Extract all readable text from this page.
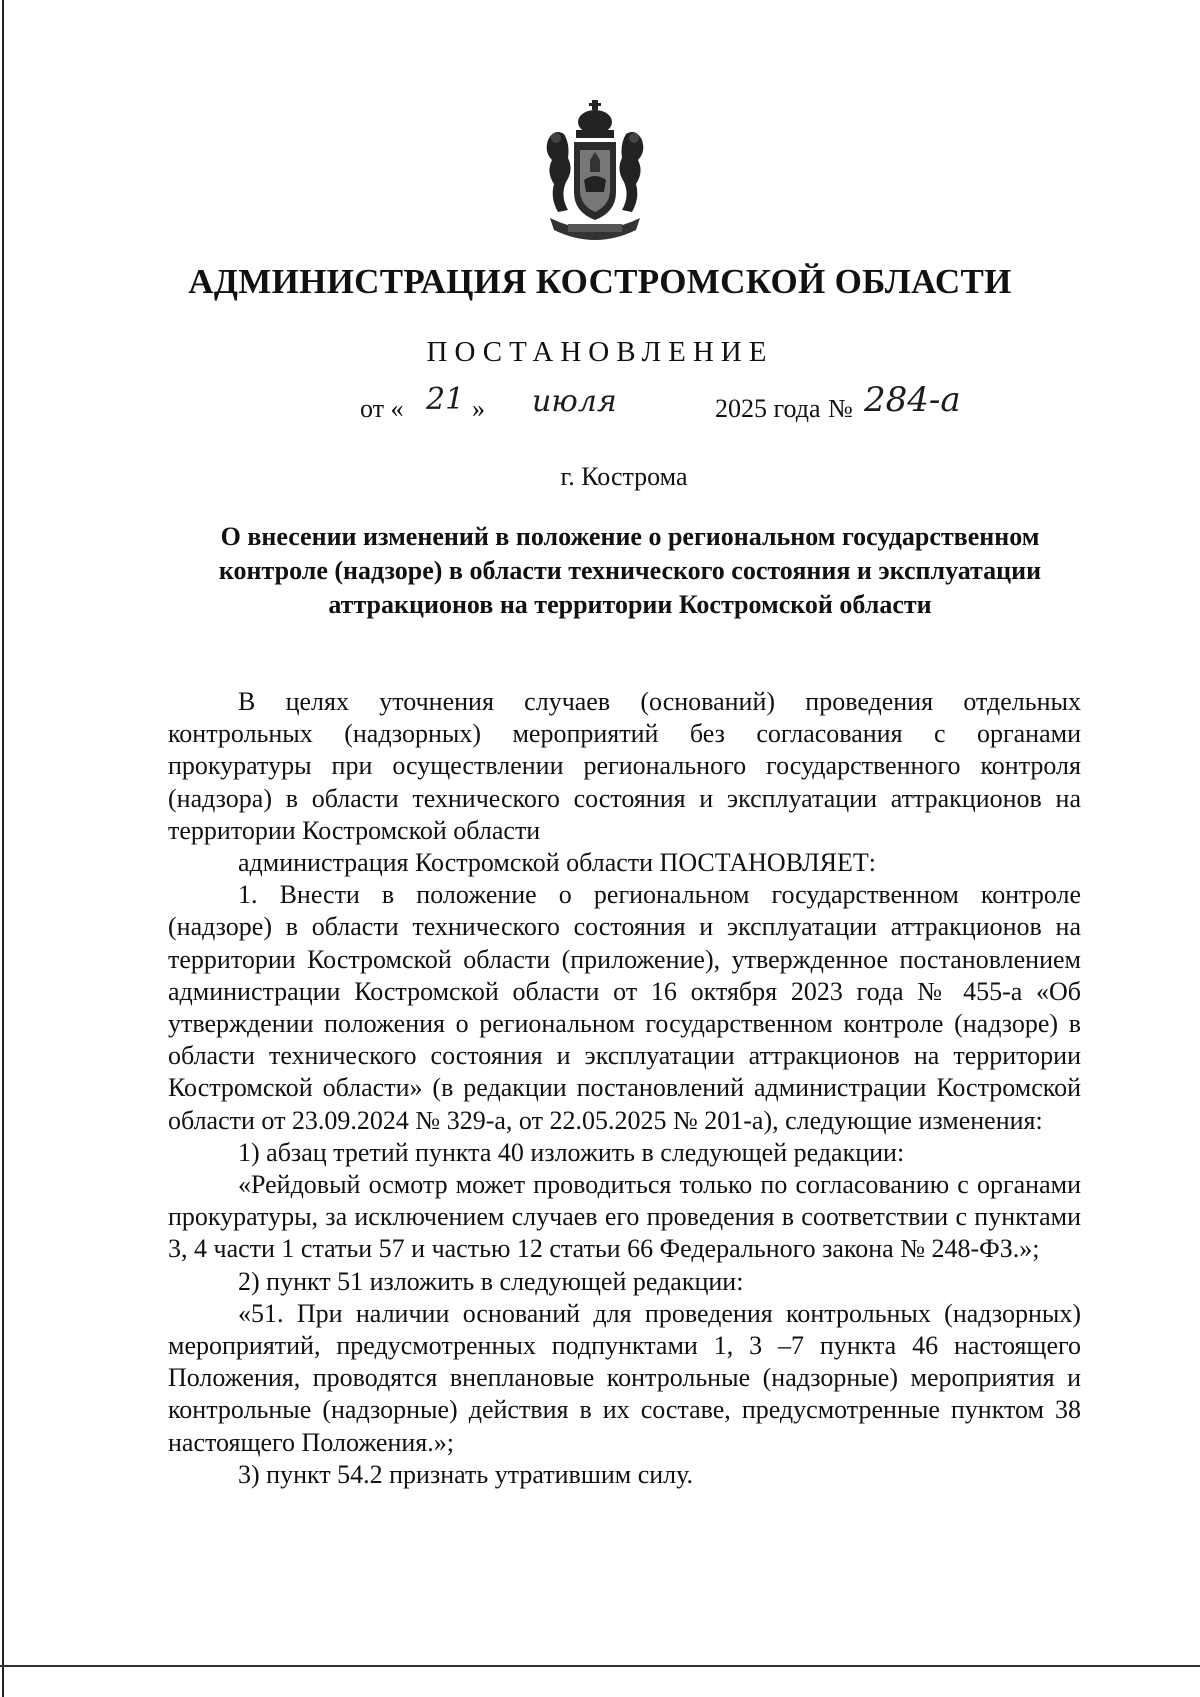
АДМИНИСТРАЦИЯ КОСТРОМСКОЙ ОБЛАСТИ
ПОСТАНОВЛЕНИЕ
от « 21 » июля	2025 года № 284-а
г. Кострома
О внесении изменений в положение о региональном государственном контроле (надзоре) в области технического состояния и эксплуатации аттракционов на территории Костромской области

В целях уточнения случаев (оснований) проведения отдельных контрольных (надзорных) мероприятий без согласования с органами прокуратуры при осуществлении регионального государственного контроля (надзора) в области технического состояния и эксплуатации аттракционов на территории Костромской области

администрация Костромской области ПОСТАНОВЛЯЕТ:

1. Внести в положение о региональном государственном контроле (надзоре) в области технического состояния и эксплуатации аттракционов на территории Костромской области (приложение), утвержденное постановлением администрации Костромской области от 16 октября 2023 года № 455-а «Об утверждении положения о региональном государственном контроле (надзоре) в области технического состояния и эксплуатации аттракционов на территории Костромской области» (в редакции постановлений администрации Костромской области от 23.09.2024 № 329-а, от 22.05.2025 № 201-а), следующие изменения:

1) абзац третий пункта 40 изложить в следующей редакции:

«Рейдовый осмотр может проводиться только по согласованию с органами прокуратуры, за исключением случаев его проведения в соответствии с пунктами 3, 4 части 1 статьи 57 и частью 12 статьи 66 Федерального закона № 248-ФЗ.»;

2) пункт 51 изложить в следующей редакции:

«51. При наличии оснований для проведения контрольных (надзорных) мероприятий, предусмотренных подпунктами 1, 3 –7 пункта 46 настоящего Положения, проводятся внеплановые контрольные (надзорные) мероприятия и контрольные (надзорные) действия в их составе, предусмотренные пунктом 38 настоящего Положения.»;

3) пункт 54.2 признать утратившим силу.
